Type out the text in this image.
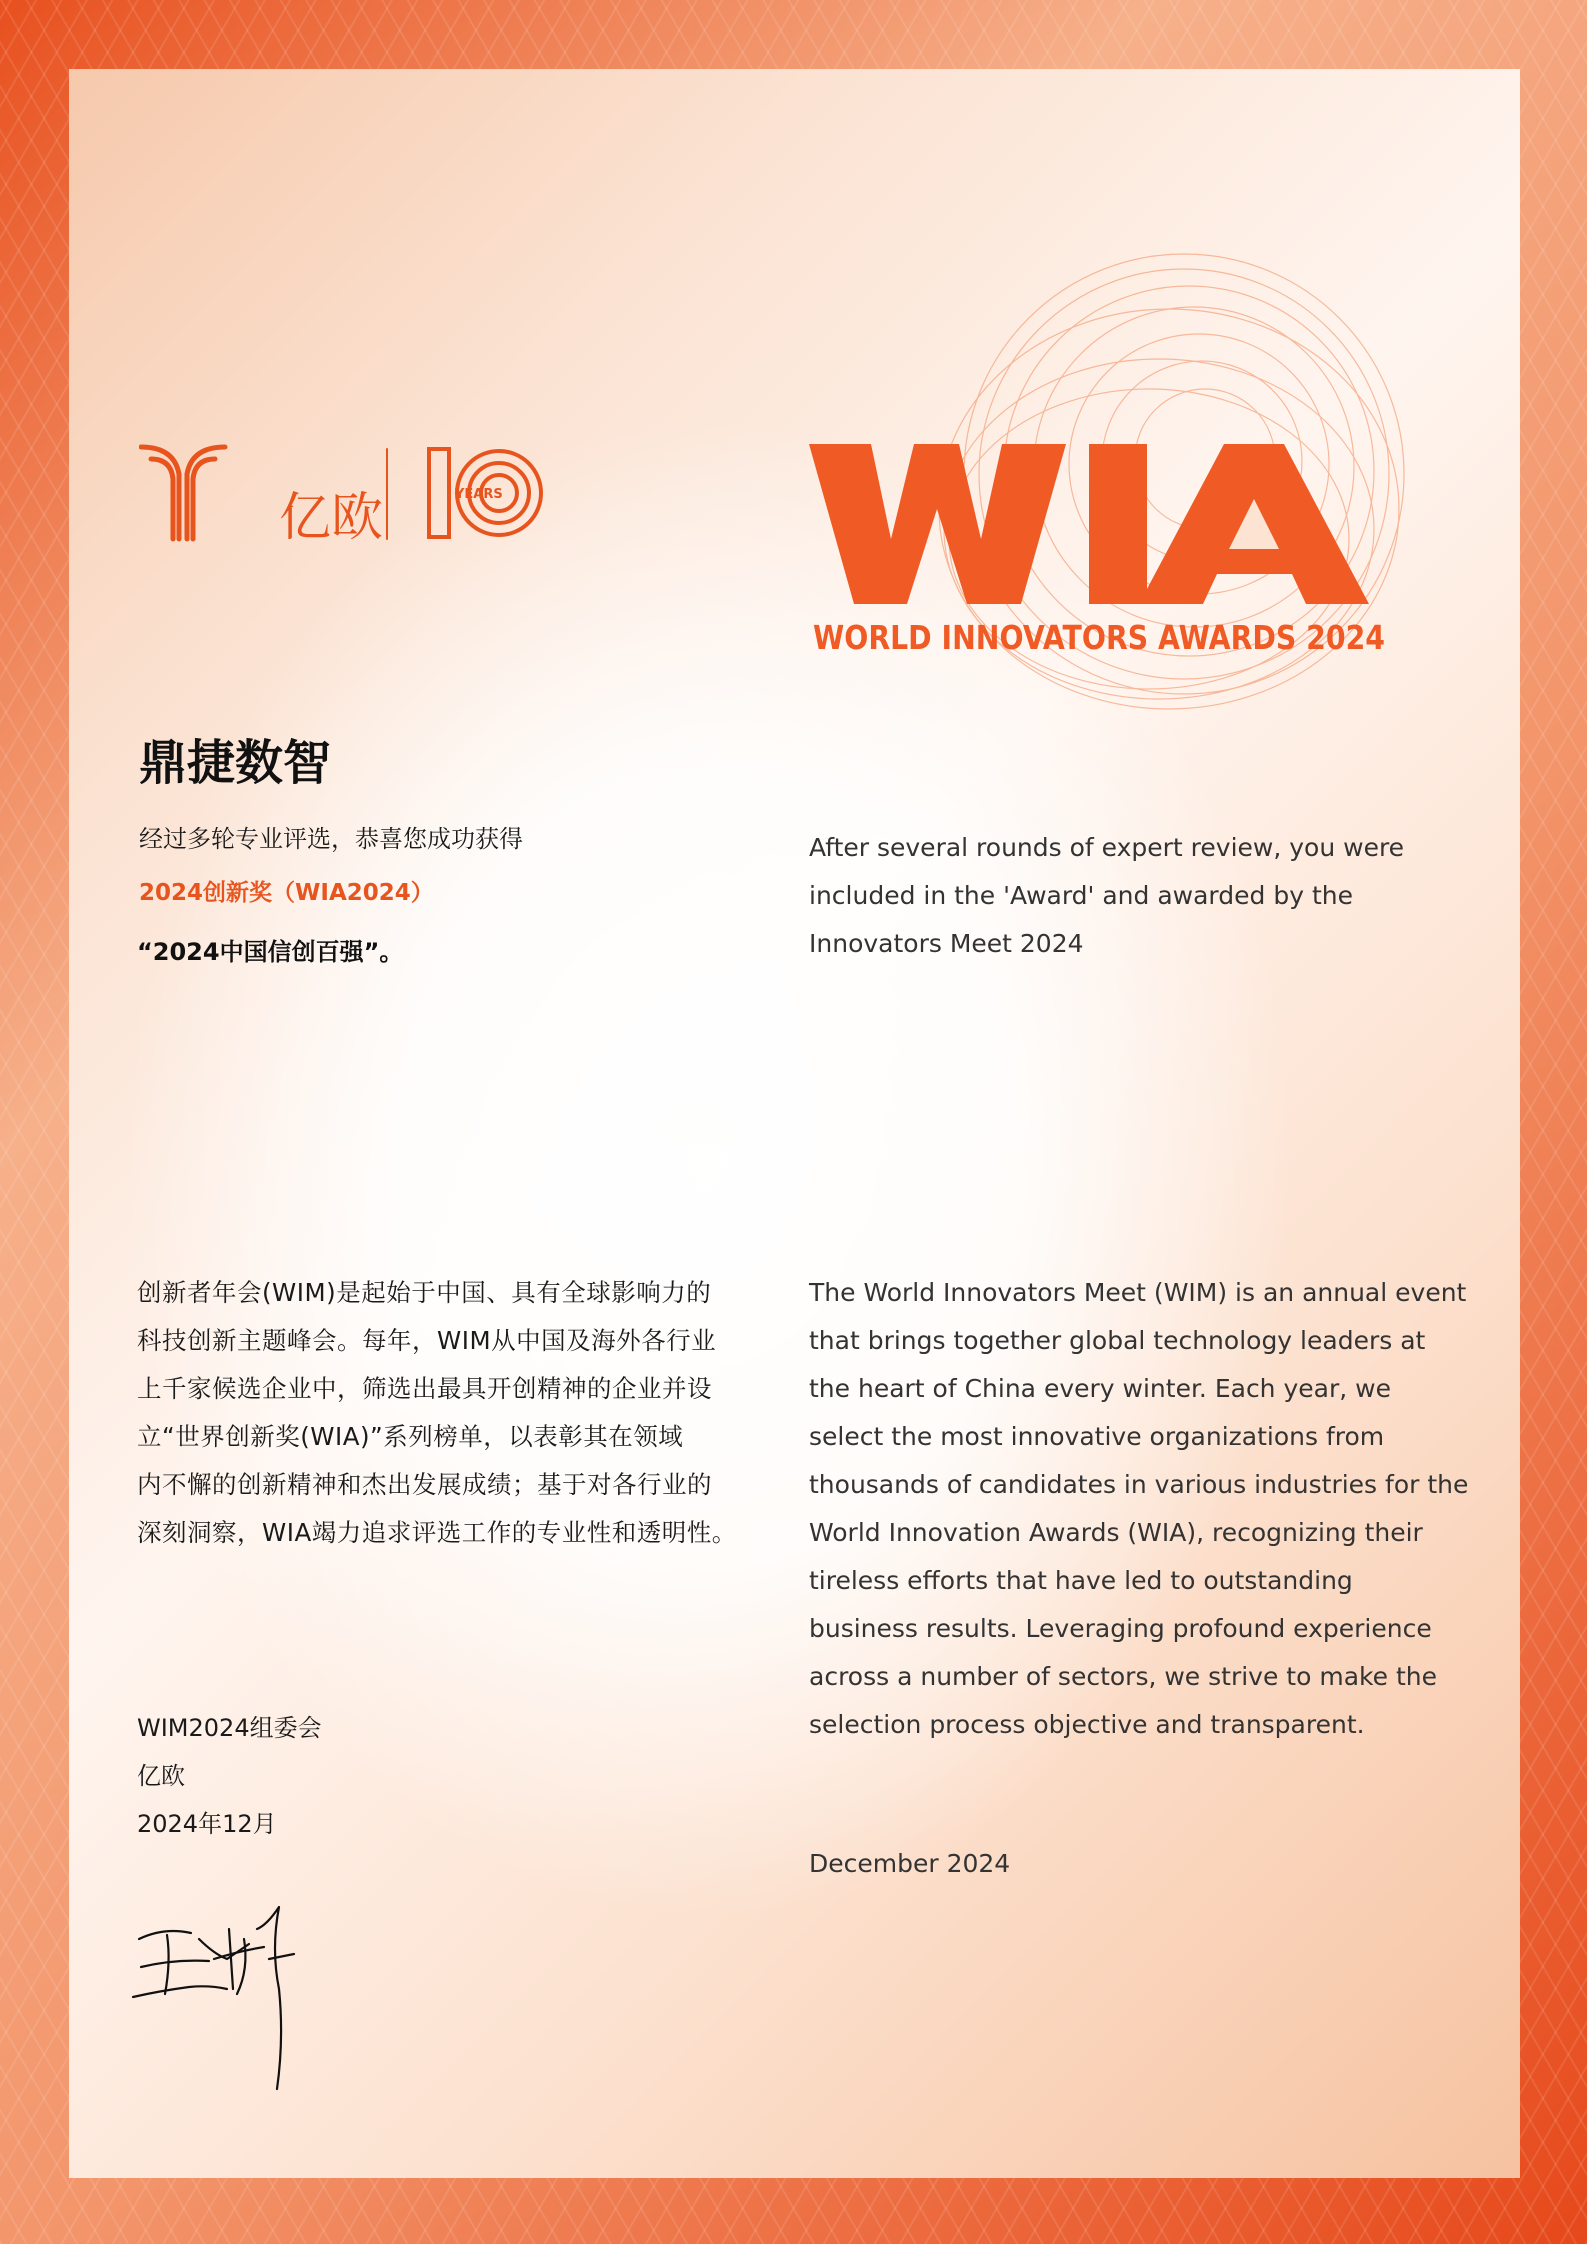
亿欧	YEARS
WORLD INNOVATORS AWARDS 2024
鼎捷数智
经过多轮专业评选，恭喜您成功获得
2024创新奖（WIA2024）
“2024中国信创百强”。
After several rounds of expert review, you were included in the 'Award' and awarded by the Innovators Meet 2024
创新者年会(WIM)是起始于中国、具有全球影响力的
科技创新主题峰会。每年，WIM从中国及海外各行业
上千家候选企业中，筛选出最具开创精神的企业并设
立“世界创新奖(WIA)”系列榜单，以表彰其在领域
内不懈的创新精神和杰出发展成绩；基于对各行业的
深刻洞察，WIA竭力追求评选工作的专业性和透明性。
The World Innovators Meet (WIM) is an annual event that brings together global technology leaders at the heart of China every winter. Each year, we select the most innovative organizations from thousands of candidates in various industries for the World Innovation Awards (WIA), recognizing their tireless efforts that have led to outstanding business results. Leveraging profound experience across a number of sectors, we strive to make the selection process objective and transparent.
WIM2024组委会
亿欧
2024年12月
December 2024
